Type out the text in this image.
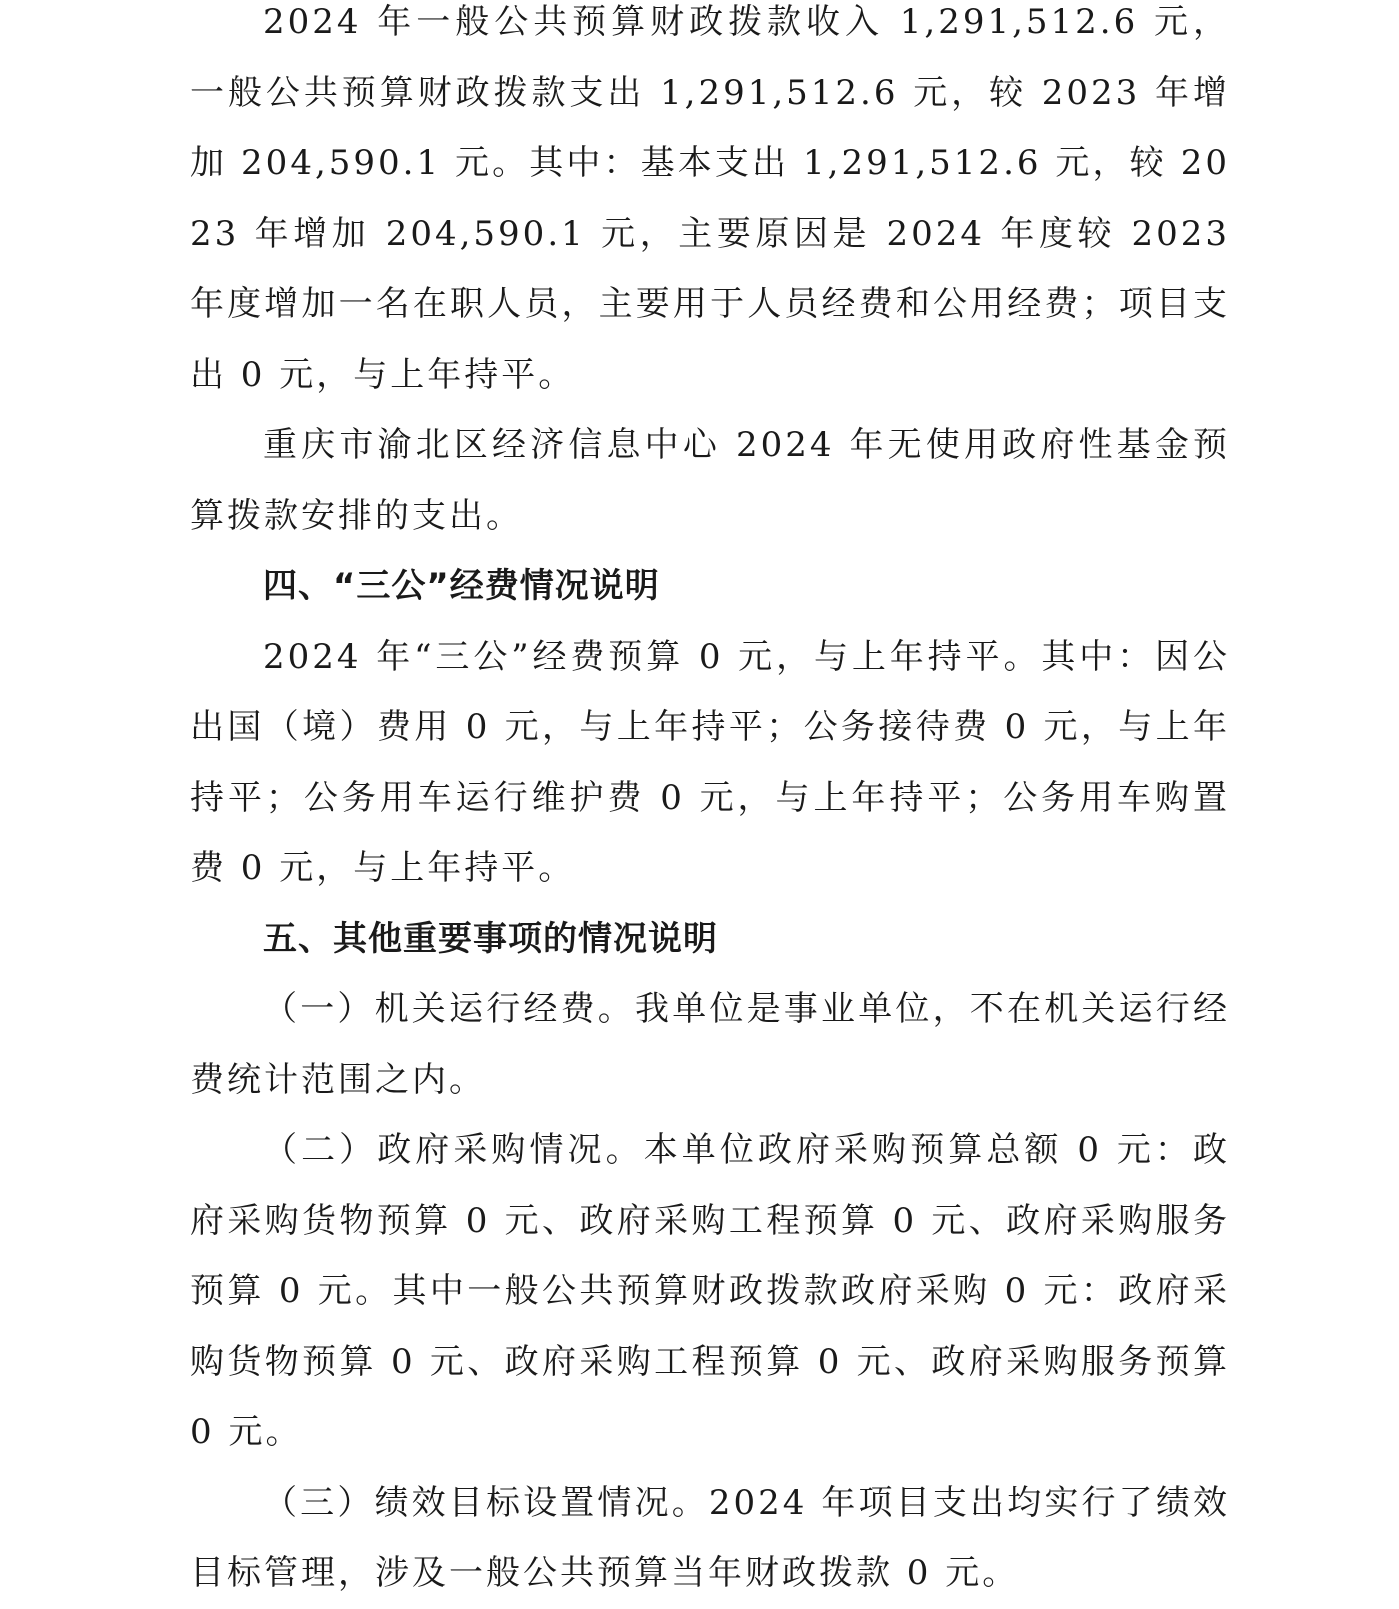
2024 年一般公共预算财政拨款收入 1,291,512.6 元，一般公共预算财政拨款支出 1,291,512.6 元，较 2023 年增加 204,590.1 元。其中：基本支出 1,291,512.6 元，较 2023 年增加 204,590.1 元，主要原因是 2024 年度较 2023 年度增加一名在职人员，主要用于人员经费和公用经费；项目支出 0 元，与上年持平。

重庆市渝北区经济信息中心 2024 年无使用政府性基金预算拨款安排的支出。

四、“三公”经费情况说明

2024 年“三公”经费预算 0 元，与上年持平。其中：因公出国（境）费用 0 元，与上年持平；公务接待费 0 元，与上年持平；公务用车运行维护费 0 元，与上年持平；公务用车购置费 0 元，与上年持平。

五、其他重要事项的情况说明

（一）机关运行经费。我单位是事业单位，不在机关运行经费统计范围之内。

（二）政府采购情况。本单位政府采购预算总额 0 元：政府采购货物预算 0 元、政府采购工程预算 0 元、政府采购服务预算 0 元。其中一般公共预算财政拨款政府采购 0 元：政府采购货物预算 0 元、政府采购工程预算 0 元、政府采购服务预算 0 元。

（三）绩效目标设置情况。2024 年项目支出均实行了绩效目标管理，涉及一般公共预算当年财政拨款 0 元。
